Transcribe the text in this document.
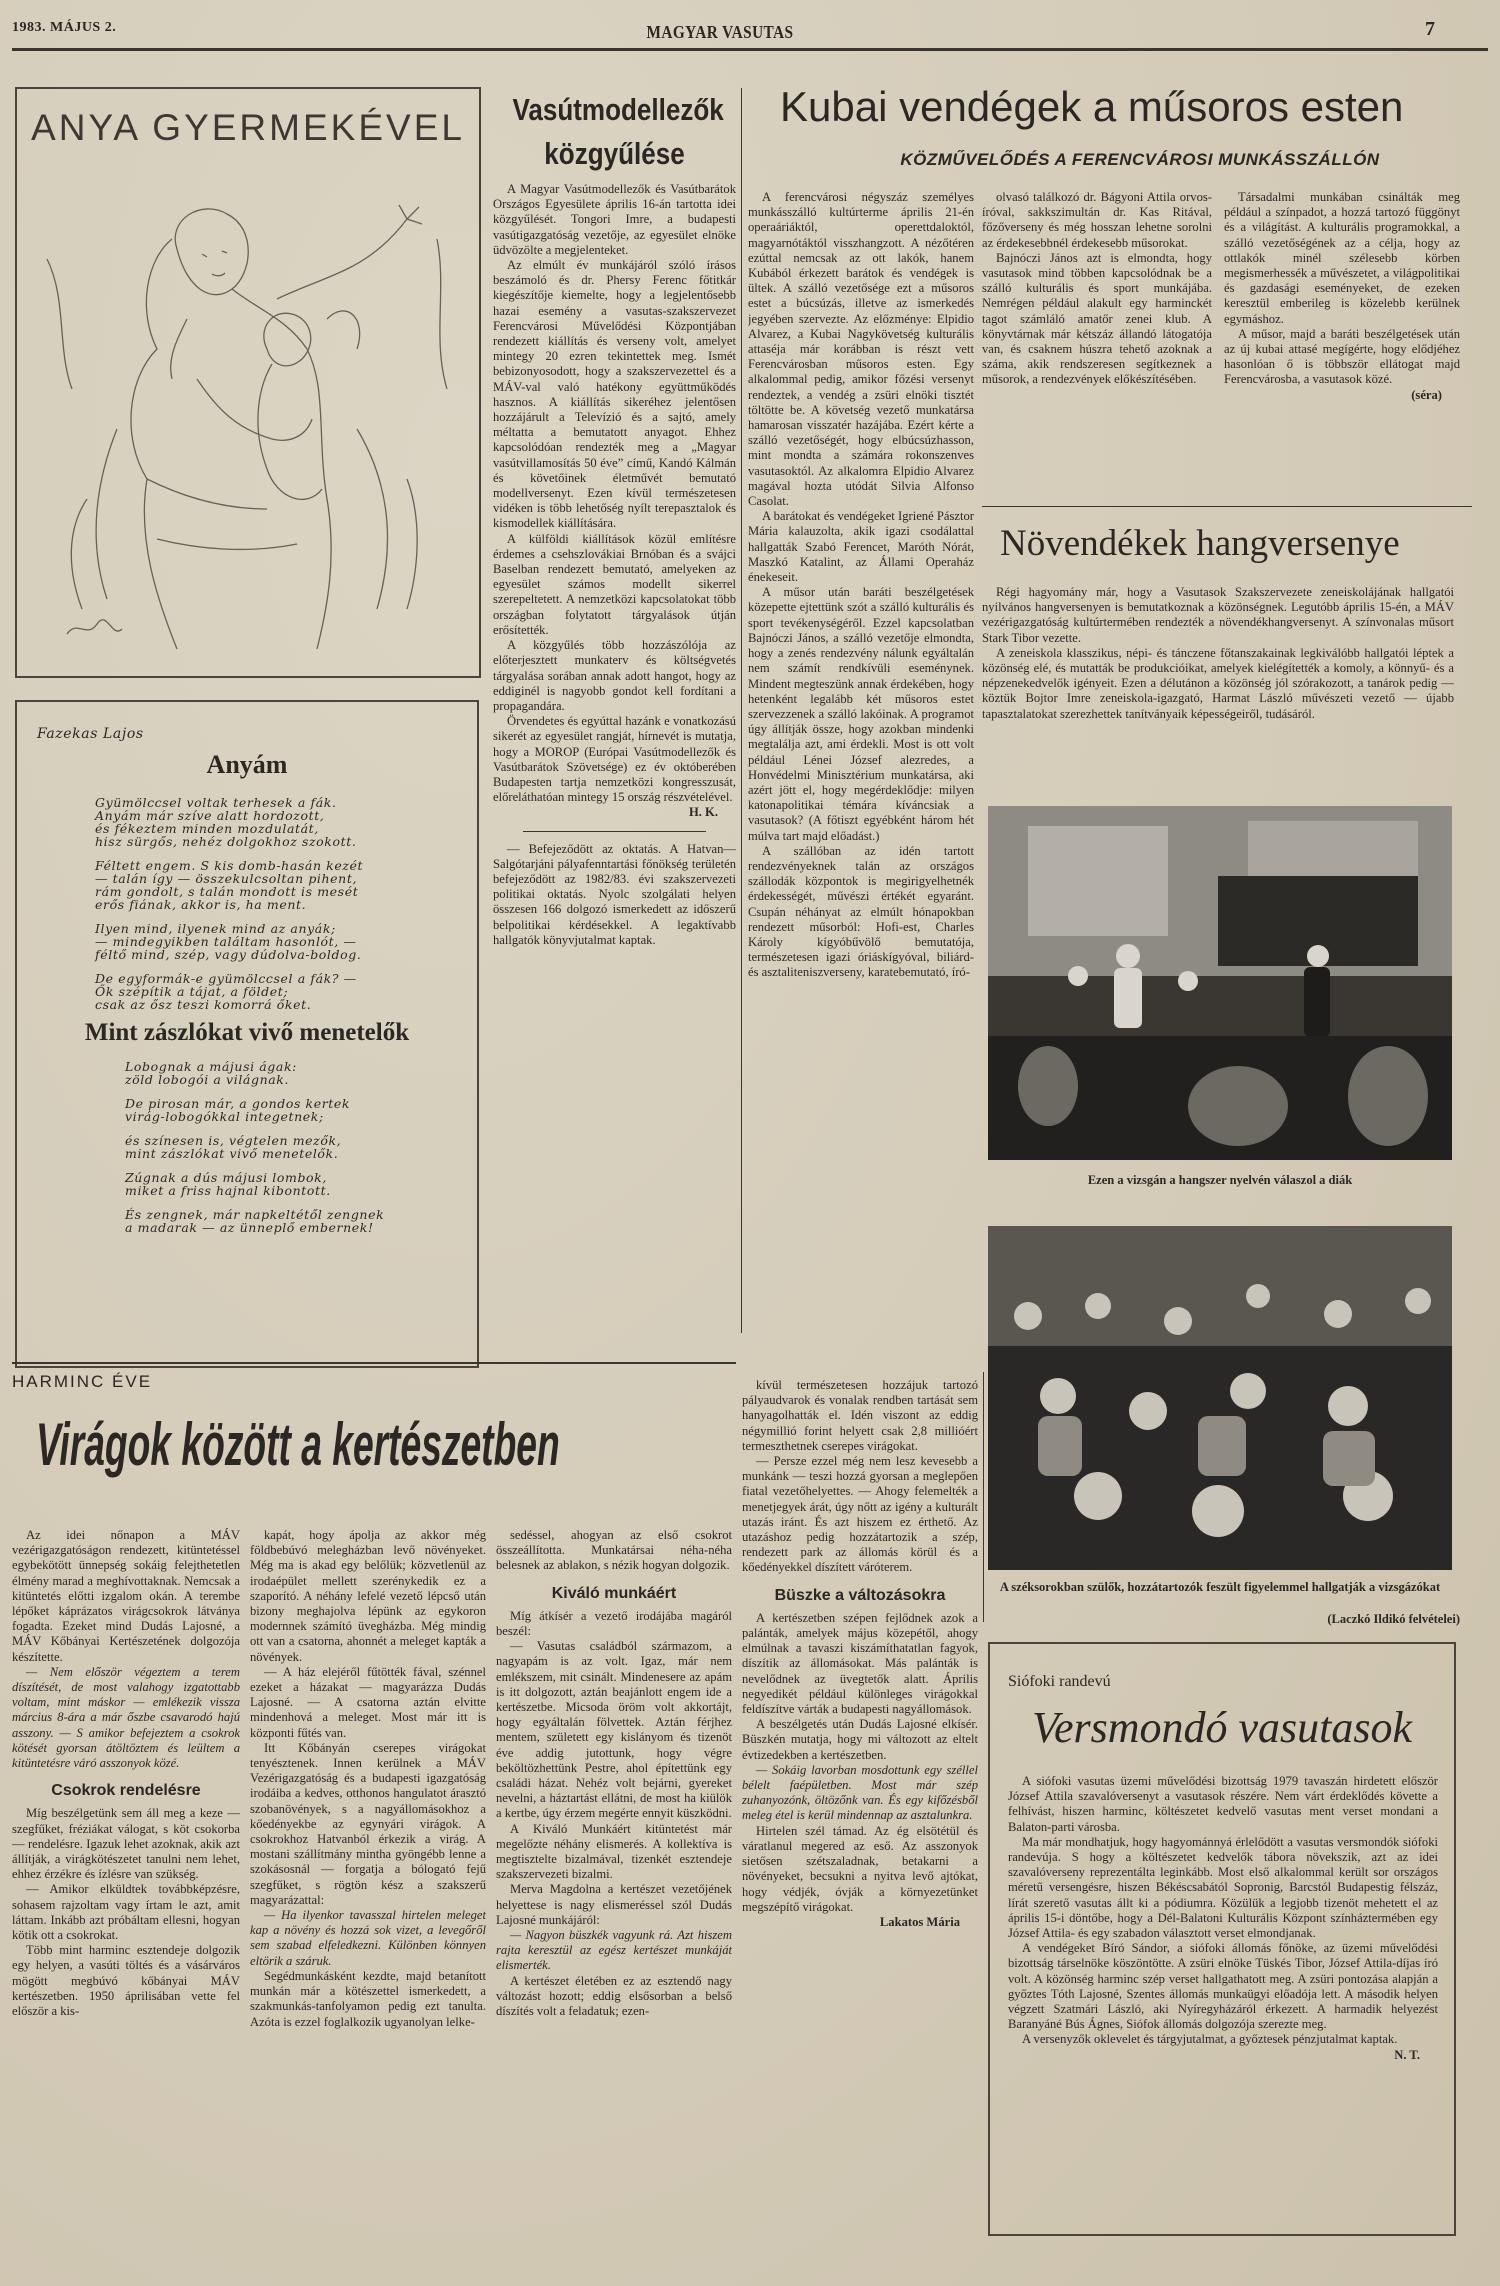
1983. MÁJUS 2.	MAGYAR VASUTAS	7
ANYA GYERMEKÉVEL
Fazekas Lajos
Anyám

Gyümölccsel voltak terhesek a fák.
Anyám már szíve alatt hordozott,
és fékeztem minden mozdulatát,
hisz sürgős, nehéz dolgokhoz szokott.

Féltett engem. S kis domb-hasán kezét
— talán így — összekulcsoltan pihent,
rám gondolt, s talán mondott is mesét
erős fiának, akkor is, ha ment.

Ilyen mind, ilyenek mind az anyák;
— mindegyikben találtam hasonlót, —
féltő mind, szép, vagy dúdolva-boldog.

De egyformák-e gyümölccsel a fák? —
Ők szépítik a tájat, a földet;
csak az ősz teszi komorrá őket.

Mint zászlókat vivő menetelők

Lobognak a májusi ágak:
zöld lobogói a világnak.

De pirosan már, a gondos kertek
virág-lobogókkal integetnek;

és színesen is, végtelen mezők,
mint zászlókat vivő menetelők.

Zúgnak a dús májusi lombok,
miket a friss hajnal kibontott.

És zengnek, már napkeltétől zengnek
a madarak — az ünneplő embernek!

Vasútmodellezők közgyűlése

A Magyar Vasútmodellezők és Vasútbarátok Országos Egyesülete április 16-án tartotta idei közgyűlését. Tongori Imre, a budapesti vasútigazgatóság vezetője, az egyesület elnöke üdvözölte a megjelenteket.

Az elmúlt év munkájáról szóló írásos beszámoló és dr. Phersy Ferenc főtitkár kiegészítője kiemelte, hogy a legjelentősebb hazai esemény a vasutas-szakszervezet Ferencvárosi Művelődési Központjában rendezett kiállítás és verseny volt, amelyet mintegy 20 ezren tekintettek meg. Ismét bebizonyosodott, hogy a szakszervezettel és a MÁV-val való hatékony együttműködés hasznos. A kiállítás sikeréhez jelentősen hozzájárult a Televízió és a sajtó, amely méltatta a bemutatott anyagot. Ehhez kapcsolódóan rendezték meg a „Magyar vasútvillamosítás 50 éve” című, Kandó Kálmán és követőinek életművét bemutató modellversenyt. Ezen kívül természetesen vidéken is több lehetőség nyílt terepasztalok és kismodellek kiállítására.

A külföldi kiállítások közül említésre érdemes a csehszlovákiai Brnóban és a svájci Baselban rendezett bemutató, amelyeken az egyesület számos modellt sikerrel szerepeltetett. A nemzetközi kapcsolatokat több országban folytatott tárgyalások útján erősítették.

A közgyűlés több hozzászólója az előterjesztett munkaterv és költségvetés tárgyalása sorában annak adott hangot, hogy az eddiginél is nagyobb gondot kell fordítani a propagandára.

Örvendetes és egyúttal hazánk e vonatkozású sikerét az egyesület rangját, hírnevét is mutatja, hogy a MOROP (Európai Vasútmodellezők és Vasútbarátok Szövetsége) ez év októberében Budapesten tartja nemzetközi kongresszusát, előreláthatóan mintegy 15 ország részvételével.

H. K.

— Befejeződött az oktatás. A Hatvan—Salgótarjáni pályafenntartási főnökség területén befejeződött az 1982/83. évi szakszervezeti politikai oktatás. Nyolc szolgálati helyen összesen 166 dolgozó ismerkedett az időszerű belpolitikai kérdésekkel. A legaktívabb hallgatók könyvjutalmat kaptak.

Kubai vendégek a műsoros esten
KÖZMŰVELŐDÉS A FERENCVÁROSI MUNKÁSSZÁLLÓN

A ferencvárosi négyszáz személyes munkásszálló kultúrterme április 21-én operaáriáktól, operettdaloktól, magyarnótáktól visszhangzott. A nézőtéren ezúttal nemcsak az ott lakók, hanem Kubából érkezett barátok és vendégek is ültek. A szálló vezetősége ezt a műsoros estet a búcsúzás, illetve az ismerkedés jegyében szervezte. Az előzménye: Elpidio Alvarez, a Kubai Nagykövetség kulturális attaséja már korábban is részt vett Ferencvárosban műsoros esten. Egy alkalommal pedig, amikor főzési versenyt rendeztek, a vendég a zsüri elnöki tisztét töltötte be. A követség vezető munkatársa hamarosan visszatér hazájába. Ezért kérte a szálló vezetőségét, hogy elbúcsúzhasson, mint mondta a számára rokonszenves vasutasoktól. Az alkalomra Elpidio Alvarez magával hozta utódát Silvia Alfonso Casolat.

A barátokat és vendégeket Igriené Pásztor Mária kalauzolta, akik igazi csodálattal hallgatták Szabó Ferencet, Maróth Nórát, Maszkó Katalint, az Állami Operaház énekeseit.

A műsor után baráti beszélgetések közepette ejtettünk szót a szálló kulturális és sport tevékenységéről. Ezzel kapcsolatban Bajnóczi János, a szálló vezetője elmondta, hogy a zenés rendezvény nálunk egyáltalán nem számít rendkívüli eseménynek. Mindent megteszünk annak érdekében, hogy hetenként legalább két műsoros estet szervezzenek a szálló lakóinak. A programot úgy állítják össze, hogy azokban mindenki megtalálja azt, ami érdekli. Most is ott volt például Lénei József alezredes, a Honvédelmi Minisztérium munkatársa, aki azért jött el, hogy megérdeklődje: milyen katonapolitikai témára kíváncsiak a vasutasok? (A főtiszt egyébként három hét múlva tart majd előadást.)

A szállóban az idén tartott rendezvényeknek talán az országos szállodák központok is megirigyelhetnék érdekességét, művészi értékét egyaránt. Csupán néhányat az elmúlt hónapokban rendezett műsorból: Hofi-est, Charles Károly kígyóbűvölő bemutatója, természetesen igazi óriáskígyóval, biliárd- és asztaliteniszverseny, karatebemutató, író-

olvasó találkozó dr. Bágyoni Attila orvos-íróval, sakkszimultán dr. Kas Ritával, főzőverseny és még hosszan lehetne sorolni az érdekesebbnél érdekesebb műsorokat.

Bajnóczi János azt is elmondta, hogy vasutasok mind többen kapcsolódnak be a szálló kulturális és sport munkájába. Nemrégen például alakult egy harminckét tagot számláló amatőr zenei klub. A könyvtárnak már kétszáz állandó látogatója van, és csaknem húszra tehető azoknak a száma, akik rendszeresen segítkeznek a műsorok, a rendezvények előkészítésében.

Társadalmi munkában csinálták meg például a színpadot, a hozzá tartozó függönyt és a világítást. A kulturális programokkal, a szálló vezetőségének az a célja, hogy az ottlakók minél szélesebb körben megismerhessék a művészetet, a világpolitikai és gazdasági eseményeket, de ezeken keresztül emberileg is közelebb kerülnek egymáshoz.

A műsor, majd a baráti beszélgetések után az új kubai attasé megígérte, hogy elődjéhez hasonlóan ő is többször ellátogat majd Ferencvárosba, a vasutasok közé.

(séra)

Növendékek hangversenye

Régi hagyomány már, hogy a Vasutasok Szakszervezete zeneiskolájának hallgatói nyilvános hangversenyen is bemutatkoznak a közönségnek. Legutóbb április 15-én, a MÁV vezérigazgatóság kultúrtermében rendezték a növendékhangversenyt. A színvonalas műsort Stark Tibor vezette.

A zeneiskola klasszikus, népi- és tánczene főtanszakainak legkiválóbb hallgatói léptek a közönség elé, és mutatták be produkcióikat, amelyek kielégítették a komoly, a könnyű- és a népzenekedvelők igényeit. Ezen a délutánon a közönség jól szórakozott, a tanárok pedig — köztük Bojtor Imre zeneiskola-igazgató, Harmat László művészeti vezető — újabb tapasztalatokat szerezhettek tanítványaik képességeiről, tudásáról.

Ezen a vizsgán a hangszer nyelvén válaszol a diák
A széksorokban szülők, hozzátartozók feszült figyelemmel hallgatják a vizsgázókat
(Laczkó Ildikó felvételei)
Siófoki randevú
Versmondó vasutasok

A siófoki vasutas üzemi művelődési bizottság 1979 tavaszán hirdetett először József Attila szavalóversenyt a vasutasok részére. Nem várt érdeklődés követte a felhívást, hiszen harminc, költészetet kedvelő vasutas ment verset mondani a Balaton-parti városba.

Ma már mondhatjuk, hogy hagyománnyá érlelődött a vasutas versmondók siófoki randevúja. S hogy a költészetet kedvelők tábora növekszik, azt az idei szavalóverseny reprezentálta leginkább. Most első alkalommal került sor országos méretű versengésre, hiszen Békéscsabától Sopronig, Barcstól Budapestig félszáz, lírát szerető vasutas állt ki a pódiumra. Közülük a legjobb tizenöt mehetett el az április 15-i döntőbe, hogy a Dél-Balatoni Kulturális Központ színháztermében egy József Attila- és egy szabadon választott verset elmondjanak.

A vendégeket Bíró Sándor, a siófoki állomás főnöke, az üzemi művelődési bizottság társelnöke köszöntötte. A zsüri elnöke Tüskés Tibor, József Attila-díjas író volt. A közönség harminc szép verset hallgathatott meg. A zsüri pontozása alapján a győztes Tóth Lajosné, Szentes állomás munkaügyi előadója lett. A második helyen végzett Szatmári László, aki Nyíregyházáról érkezett. A harmadik helyezést Baranyáné Bús Ágnes, Siófok állomás dolgozója szerezte meg.

A versenyzők oklevelet és tárgyjutalmat, a győztesek pénzjutalmat kaptak.

N. T.

HARMINC ÉVE
Virágok között a kertészetben

Az idei nőnapon a MÁV vezérigazgatóságon rendezett, kitüntetéssel egybekötött ünnepség sokáig felejthetetlen élmény marad a meghívottaknak. Nemcsak a kitüntetés előtti izgalom okán. A terembe lépőket káprázatos virágcsokrok látványa fogadta. Ezeket mind Dudás Lajosné, a MÁV Kőbányai Kertészetének dolgozója készítette.

— Nem először végeztem a terem díszítését, de most valahogy izgatottabb voltam, mint máskor — emlékezik vissza március 8-ára a már őszbe csavarodó hajú asszony. — S amikor befejeztem a csokrok kötését gyorsan átöltöztem és leültem a kitüntetésre váró asszonyok közé.

Csokrok rendelésre

Míg beszélgetünk sem áll meg a keze — szegfűket, fréziákat válogat, s köt csokorba — rendelésre. Igazuk lehet azoknak, akik azt állítják, a virágkötészetet tanulni nem lehet, ehhez érzékre és ízlésre van szükség.

— Amikor elküldtek továbbképzésre, sohasem rajzoltam vagy írtam le azt, amit láttam. Inkább azt próbáltam ellesni, hogyan kötik ott a csokrokat.

Több mint harminc esztendeje dolgozik egy helyen, a vasúti töltés és a vásárváros mögött megbúvó kőbányai MÁV kertészetben. 1950 áprilisában vette fel először a kis-

kapát, hogy ápolja az akkor még földbebúvó melegházban levő növényeket. Még ma is akad egy belőlük; közvetlenül az irodaépület mellett szerénykedik ez a szaporító. A néhány lefelé vezető lépcső után bizony meghajolva lépünk az egykoron modernnek számító üvegházba. Még mindig ott van a csatorna, ahonnét a meleget kapták a növények.

— A ház elejéről fűtötték fával, szénnel ezeket a házakat — magyarázza Dudás Lajosné. — A csatorna aztán elvitte mindenhová a meleget. Most már itt is központi fűtés van.

Itt Kőbányán cserepes virágokat tenyésztenek. Innen kerülnek a MÁV Vezérigazgatóság és a budapesti igazgatóság irodáiba a kedves, otthonos hangulatot árasztó szobanövények, s a nagyállomásokhoz a kőedényekbe az egynyári virágok. A csokrokhoz Hatvanból érkezik a virág. A mostani szállítmány mintha gyöngébb lenne a szokásosnál — forgatja a bólogató fejű szegfűket, s rögtön kész a szakszerű magyarázattal:

— Ha ilyenkor tavasszal hirtelen meleget kap a növény és hozzá sok vizet, a levegőről sem szabad elfeledkezni. Különben könnyen eltörik a száruk.

Segédmunkásként kezdte, majd betanított munkán már a kötészettel ismerkedett, a szakmunkás-tanfolyamon pedig ezt tanulta. Azóta is ezzel foglalkozik ugyanolyan lelke-

sedéssel, ahogyan az első csokrot összeállította. Munkatársai néha-néha belesnek az ablakon, s nézik hogyan dolgozik.

Kiváló munkáért

Míg átkísér a vezető irodájába magáról beszél:

— Vasutas családból származom, a nagyapám is az volt. Igaz, már nem emlékszem, mit csinált. Mindenesere az apám is itt dolgozott, aztán beajánlott engem ide a kertészetbe. Micsoda öröm volt akkortájt, hogy egyáltalán fölvettek. Aztán férjhez mentem, született egy kislányom és tizenöt éve addig jutottunk, hogy végre beköltözhettünk Pestre, ahol építettünk egy családi házat. Nehéz volt bejárni, gyereket nevelni, a háztartást ellátni, de most ha kiülök a kertbe, úgy érzem megérte ennyit küszködni.

A Kiváló Munkáért kitüntetést már megelőzte néhány elismerés. A kollektíva is megtisztelte bizalmával, tizenkét esztendeje szakszervezeti bizalmi.

Merva Magdolna a kertészet vezetőjének helyettese is nagy elismeréssel szól Dudás Lajosné munkájáról:

— Nagyon büszkék vagyunk rá. Azt hiszem rajta keresztül az egész kertészet munkáját elismerték.

A kertészet életében ez az esztendő nagy változást hozott; eddig elsősorban a belső díszítés volt a feladatuk; ezen-

kívül természetesen hozzájuk tartozó pályaudvarok és vonalak rendben tartását sem hanyagolhatták el. Idén viszont az eddig négymillió forint helyett csak 2,8 millióért termeszthetnek cserepes virágokat.

— Persze ezzel még nem lesz kevesebb a munkánk — teszi hozzá gyorsan a meglepően fiatal vezetőhelyettes. — Ahogy felemelték a menetjegyek árát, úgy nőtt az igény a kulturált utazás iránt. És azt hiszem ez érthető. Az utazáshoz pedig hozzátartozik a szép, rendezett park az állomás körül és a kőedényekkel díszített váróterem.

Büszke a változásokra

A kertészetben szépen fejlődnek azok a palánták, amelyek május közepétől, ahogy elmúlnak a tavaszi kiszámíthatatlan fagyok, díszítik az állomásokat. Más palánták is nevelődnek az üvegtetők alatt. Április negyedikét például különleges virágokkal feldíszítve várták a budapesti nagyállomások.

A beszélgetés után Dudás Lajosné elkísér. Büszkén mutatja, hogy mi változott az eltelt évtizedekben a kertészetben.

— Sokáig lavorban mosdottunk egy széllel bélelt faépületben. Most már szép zuhanyozónk, öltözőnk van. És egy kifőzésből meleg étel is kerül mindennap az asztalunkra.

Hirtelen szél támad. Az ég elsötétül és váratlanul megered az eső. Az asszonyok sietősen szétszaladnak, betakarni a növényeket, becsukni a nyitva levő ajtókat, hogy védjék, óvják a környezetünket megszépítő virágokat.

Lakatos Mária
